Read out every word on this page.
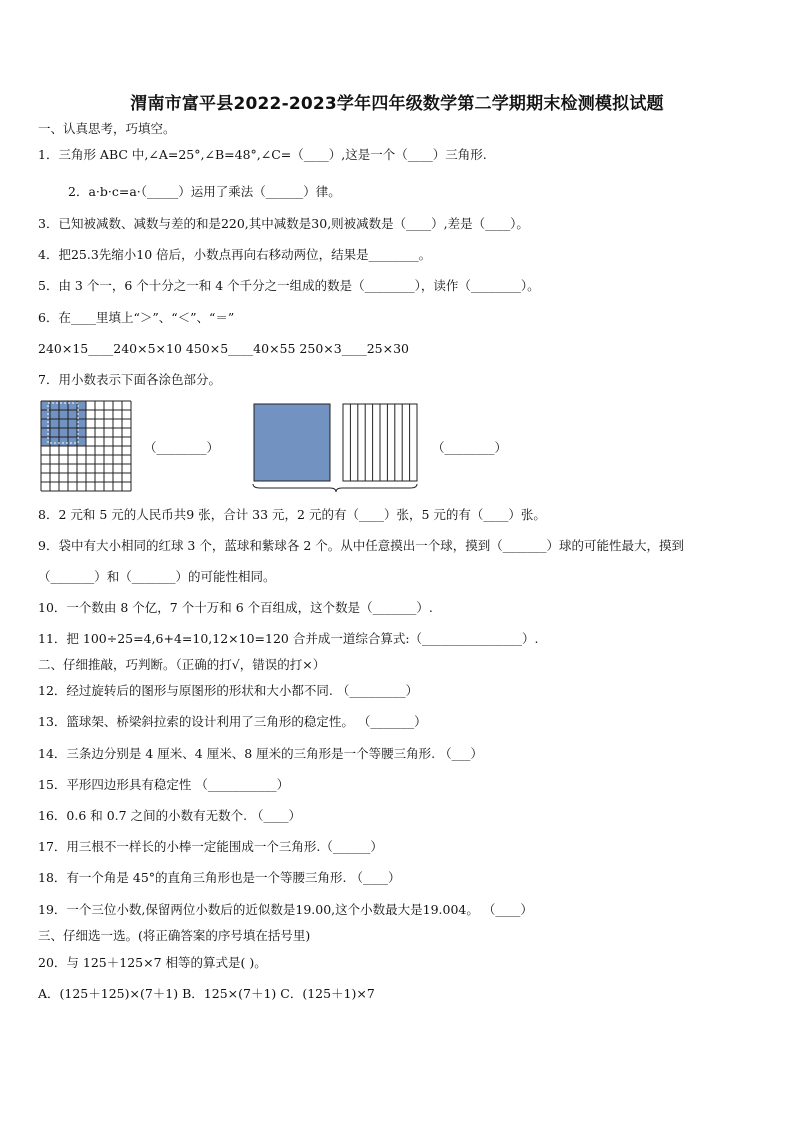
渭南市富平县2022-2023学年四年级数学第二学期期末检测模拟试题
一、认真思考，巧填空。
1．三角形 ABC 中,∠A=25°,∠B=48°,∠C=（____）,这是一个（____）三角形.
2．a·b·c=a·（_____）运用了乘法（______）律。
3．已知被减数、减数与差的和是220,其中减数是30,则被减数是（____）,差是（____）。
4．把25.3先缩小10 倍后，小数点再向右移动两位，结果是________。
5．由 3 个一，6 个十分之一和 4 个千分之一组成的数是（________），读作（________）。
6．在____里填上“＞”、“＜”、“＝”
240×15____240×5×10 450×5____40×55 250×3____25×30
7．用小数表示下面各涂色部分。
（________）	（________）
8．2 元和 5 元的人民币共9 张，合计 33 元，2 元的有（____）张，5 元的有（____）张。
9．袋中有大小相同的红球 3 个，蓝球和紫球各 2 个。从中任意摸出一个球，摸到（_______）球的可能性最大，摸到
（_______）和（_______）的可能性相同。
10．一个数由 8 个亿，7 个十万和 6 个百组成，这个数是（_______）.
11．把 100÷25=4,6+4=10,12×10=120 合并成一道综合算式:（________________）.
二、仔细推敲，巧判断。（正确的打√，错误的打×）
12．经过旋转后的图形与原图形的形状和大小都不同. （_________）
13．篮球架、桥梁斜拉索的设计利用了三角形的稳定性。 （_______）
14．三条边分别是 4 厘米、4 厘米、8 厘米的三角形是一个等腰三角形. （___）
15．平形四边形具有稳定性 （___________）
16．0.6 和 0.7 之间的小数有无数个. （____）
17．用三根不一样长的小棒一定能围成一个三角形.（______）
18．有一个角是 45°的直角三角形也是一个等腰三角形. （____）
19．一个三位小数,保留两位小数后的近似数是19.00,这个小数最大是19.004。 （____）
三、仔细选一选。(将正确答案的序号填在括号里)
20．与 125＋125×7 相等的算式是( )。
A．(125＋125)×(7＋1) B．125×(7＋1) C．(125＋1)×7
